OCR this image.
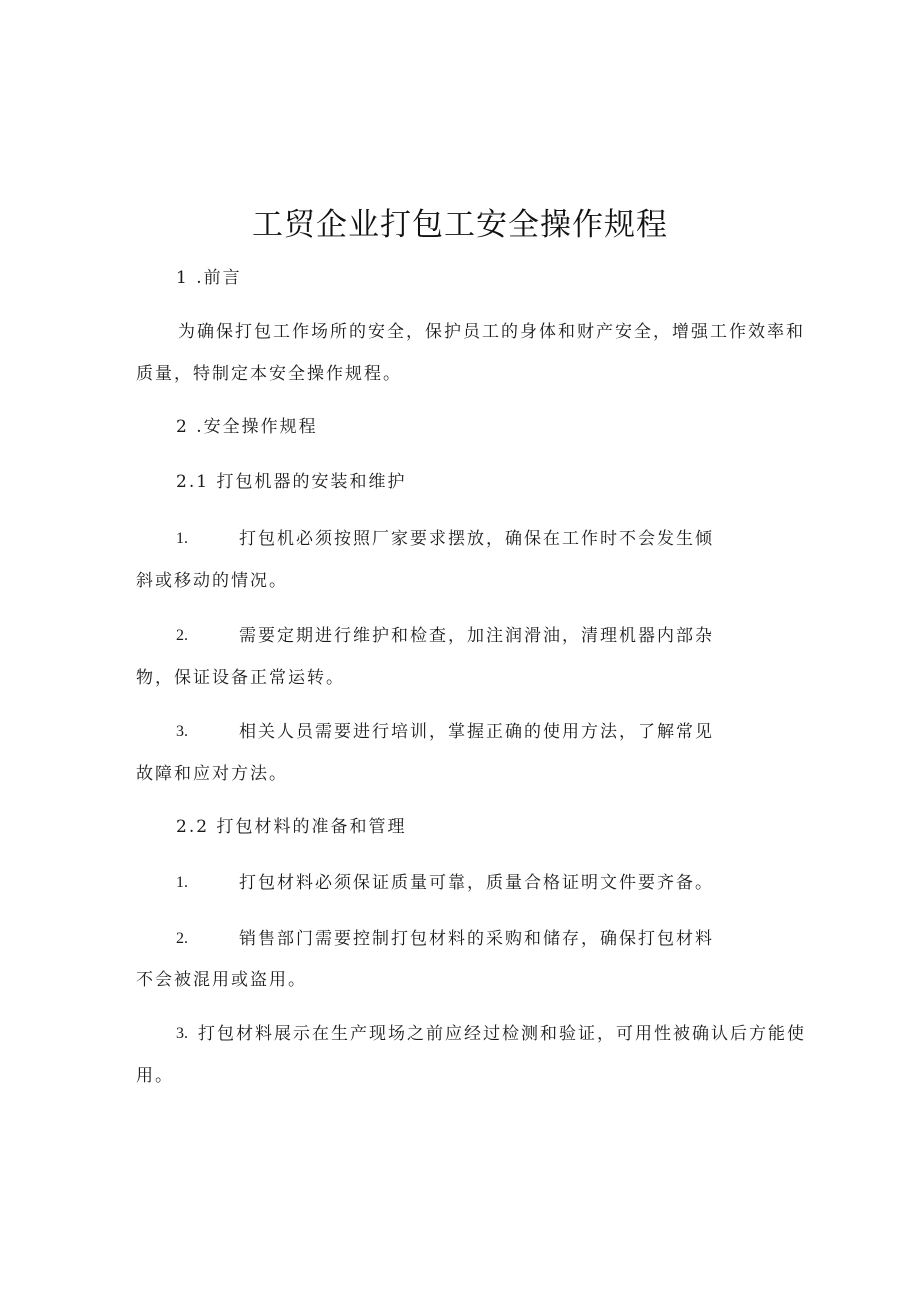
工贸企业打包工安全操作规程
1 .前言
为确保打包工作场所的安全，保护员工的身体和财产安全，增强工作效率和
质量，特制定本安全操作规程。
2 .安全操作规程
2.1 打包机器的安装和维护
1.	打包机必须按照厂家要求摆放，确保在工作时不会发生倾
斜或移动的情况。
2.	需要定期进行维护和检查，加注润滑油，清理机器内部杂
物，保证设备正常运转。
3.	相关人员需要进行培训，掌握正确的使用方法，了解常见
故障和应对方法。
2.2 打包材料的准备和管理
1.	打包材料必须保证质量可靠，质量合格证明文件要齐备。
2.	销售部门需要控制打包材料的采购和储存，确保打包材料
不会被混用或盗用。
3. 打包材料展示在生产现场之前应经过检测和验证，可用性被确认后方能使
用。
